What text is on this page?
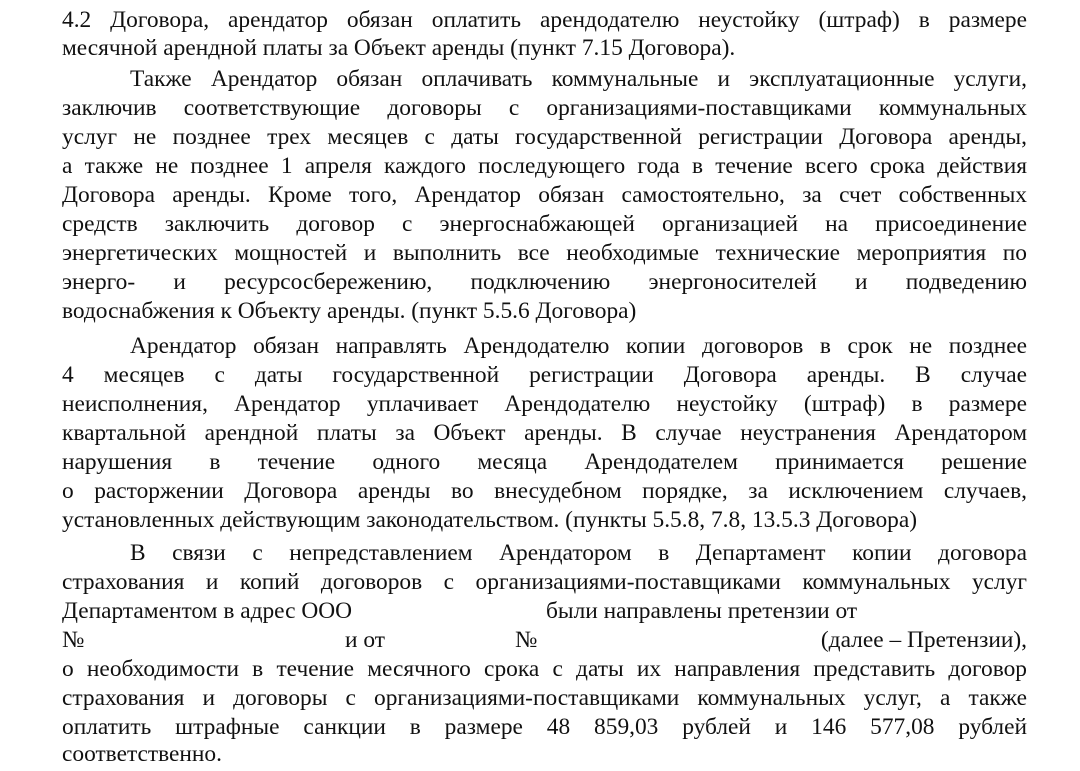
4.2 Договора, арендатор обязан оплатить арендодателю неустойку (штраф) в размере
месячной арендной платы за Объект аренды (пункт 7.15 Договора).
Также Арендатор обязан оплачивать коммунальные и эксплуатационные услуги,
заключив соответствующие договоры с организациями-поставщиками коммунальных
услуг не позднее трех месяцев с даты государственной регистрации Договора аренды,
а также не позднее 1 апреля каждого последующего года в течение всего срока действия
Договора аренды. Кроме того, Арендатор обязан самостоятельно, за счет собственных
средств заключить договор с энергоснабжающей организацией на присоединение
энергетических мощностей и выполнить все необходимые технические мероприятия по
энерго- и ресурсосбережению, подключению энергоносителей и подведению
водоснабжения к Объекту аренды. (пункт 5.5.6 Договора)
Арендатор обязан направлять Арендодателю копии договоров в срок не позднее
4 месяцев с даты государственной регистрации Договора аренды. В случае
неисполнения, Арендатор уплачивает Арендодателю неустойку (штраф) в размере
квартальной арендной платы за Объект аренды. В случае неустранения Арендатором
нарушения в течение одного месяца Арендодателем принимается решение
о расторжении Договора аренды во внесудебном порядке, за исключением случаев,
установленных действующим законодательством. (пункты 5.5.8, 7.8, 13.5.3 Договора)
В связи с непредставлением Арендатором в Департамент копии договора
страхования и копий договоров с организациями-поставщиками коммунальных услуг
Департаментом в адрес ООО	были направлены претензии от
№	и от	№	(далее – Претензии),
о необходимости в течение месячного срока с даты их направления представить договор
страхования и договоры с организациями-поставщиками коммунальных услуг, а также
оплатить штрафные санкции в размере 48 859,03 рублей и 146 577,08 рублей
соответственно.
